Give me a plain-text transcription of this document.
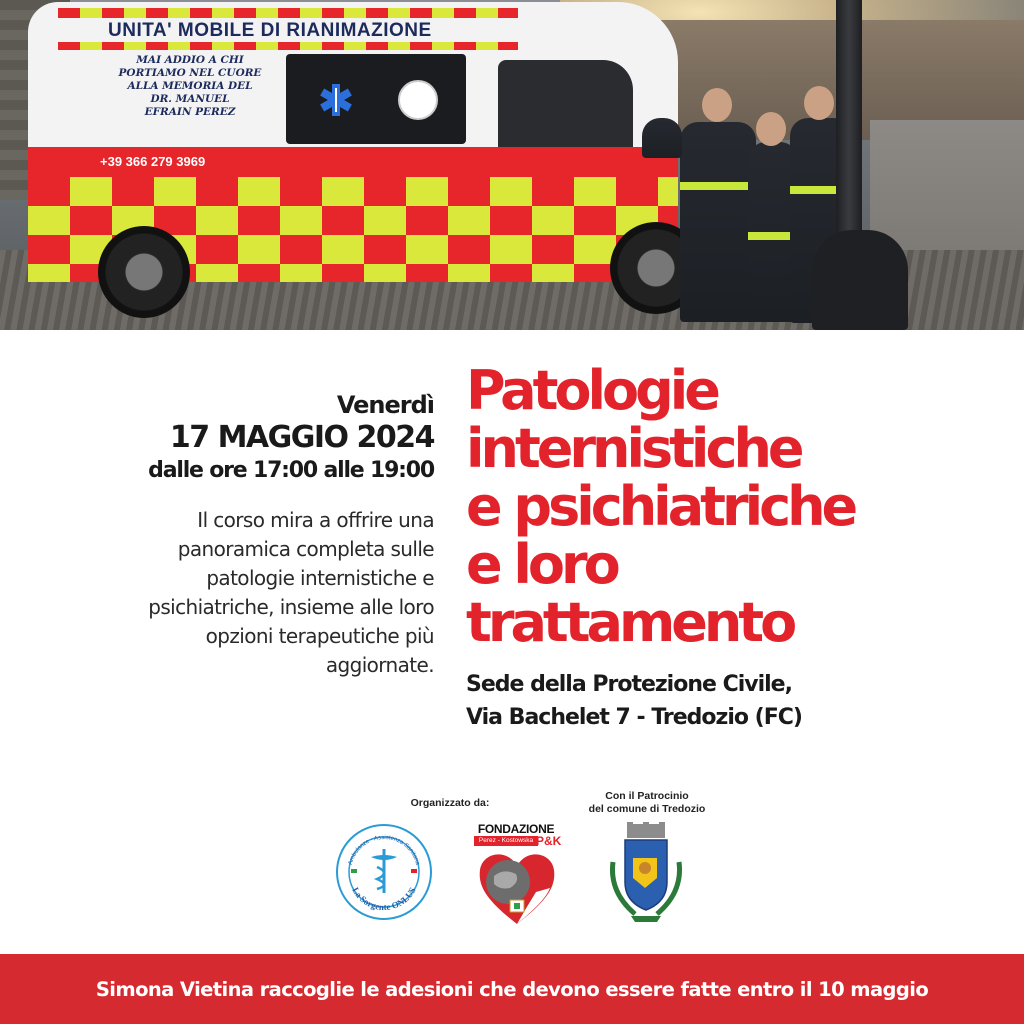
UNITA' MOBILE DI RIANIMAZIONE
MAI ADDIO A CHI
PORTIAMO NEL CUORE
ALLA MEMORIA DEL
DR. MANUEL
EFRAIN PEREZ
+39 366 279 3969
Venerdì
17 MAGGIO 2024
dalle ore 17:00 alle 19:00
Il corso mira a offrire una panoramica completa sulle patologie internistiche e psichiatriche, insieme alle loro opzioni terapeutiche più aggiornate.
Patologie
internistiche
e psichiatriche
e loro
trattamento
Sede della Protezione Civile,
Via Bachelet 7 - Tredozio (FC)
Organizzato da:
Con il Patrocinio
del comune di Tredozio
Ambulanze - Assistenza Sanitaria
La Sorgente ONLUS
FONDAZIONE
Perez - Kostowska P&K
Simona Vietina raccoglie le adesioni che devono essere fatte entro il 10 maggio
